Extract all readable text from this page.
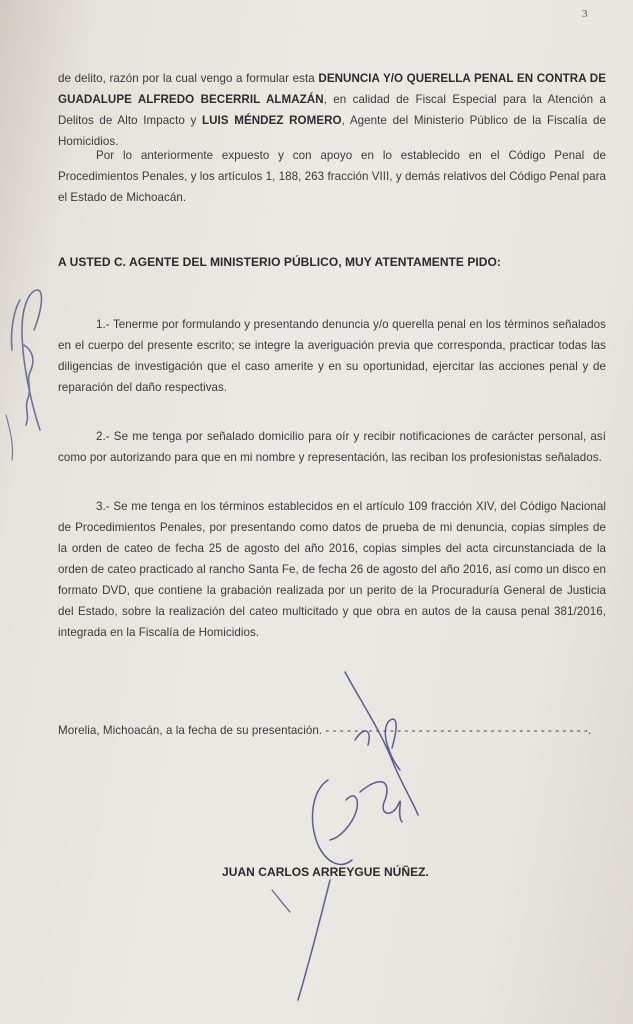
3

de delito, razón por la cual vengo a formular esta DENUNCIA Y/O QUERELLA PENAL EN CONTRA DE GUADALUPE ALFREDO BECERRIL ALMAZÁN, en calidad de Fiscal Especial para la Atención a Delitos de Alto Impacto y LUIS MÉNDEZ ROMERO, Agente del Ministerio Público de la Fiscalía de Homicidios.

Por lo anteriormente expuesto y con apoyo en lo establecido en el Código Penal de Procedimientos Penales, y los artículos 1, 188, 263 fracción VIII, y demás relativos del Código Penal para el Estado de Michoacán.

A USTED C. AGENTE DEL MINISTERIO PÚBLICO, MUY ATENTAMENTE PIDO:

1.- Tenerme por formulando y presentando denuncia y/o querella penal en los términos señalados en el cuerpo del presente escrito; se integre la averiguación previa que corresponda, practicar todas las diligencias de investigación que el caso amerite y en su oportunidad, ejercitar las acciones penal y de reparación del daño respectivas.

2.- Se me tenga por señalado domicilio para oír y recibir notificaciones de carácter personal, así como por autorizando para que en mi nombre y representación, las reciban los profesionistas señalados.

3.- Se me tenga en los términos establecidos en el artículo 109 fracción XIV, del Código Nacional de Procedimientos Penales, por presentando como datos de prueba de mi denuncia, copias simples de la orden de cateo de fecha 25 de agosto del año 2016, copias simples del acta circunstanciada de la orden de cateo practicado al rancho Santa Fe, de fecha 26 de agosto del año 2016, así como un disco en formato DVD, que contiene la grabación realizada por un perito de la Procuraduría General de Justicia del Estado, sobre la realización del cateo multicitado y que obra en autos de la causa penal 381/2016, integrada en la Fiscalía de Homicidios.

Morelia, Michoacán, a la fecha de su presentación. - - - - - - - - - - - - - - - - - - - - - - - - - - - - - - - - - - - - -.

JUAN CARLOS ARREYGUE NÚÑEZ.
